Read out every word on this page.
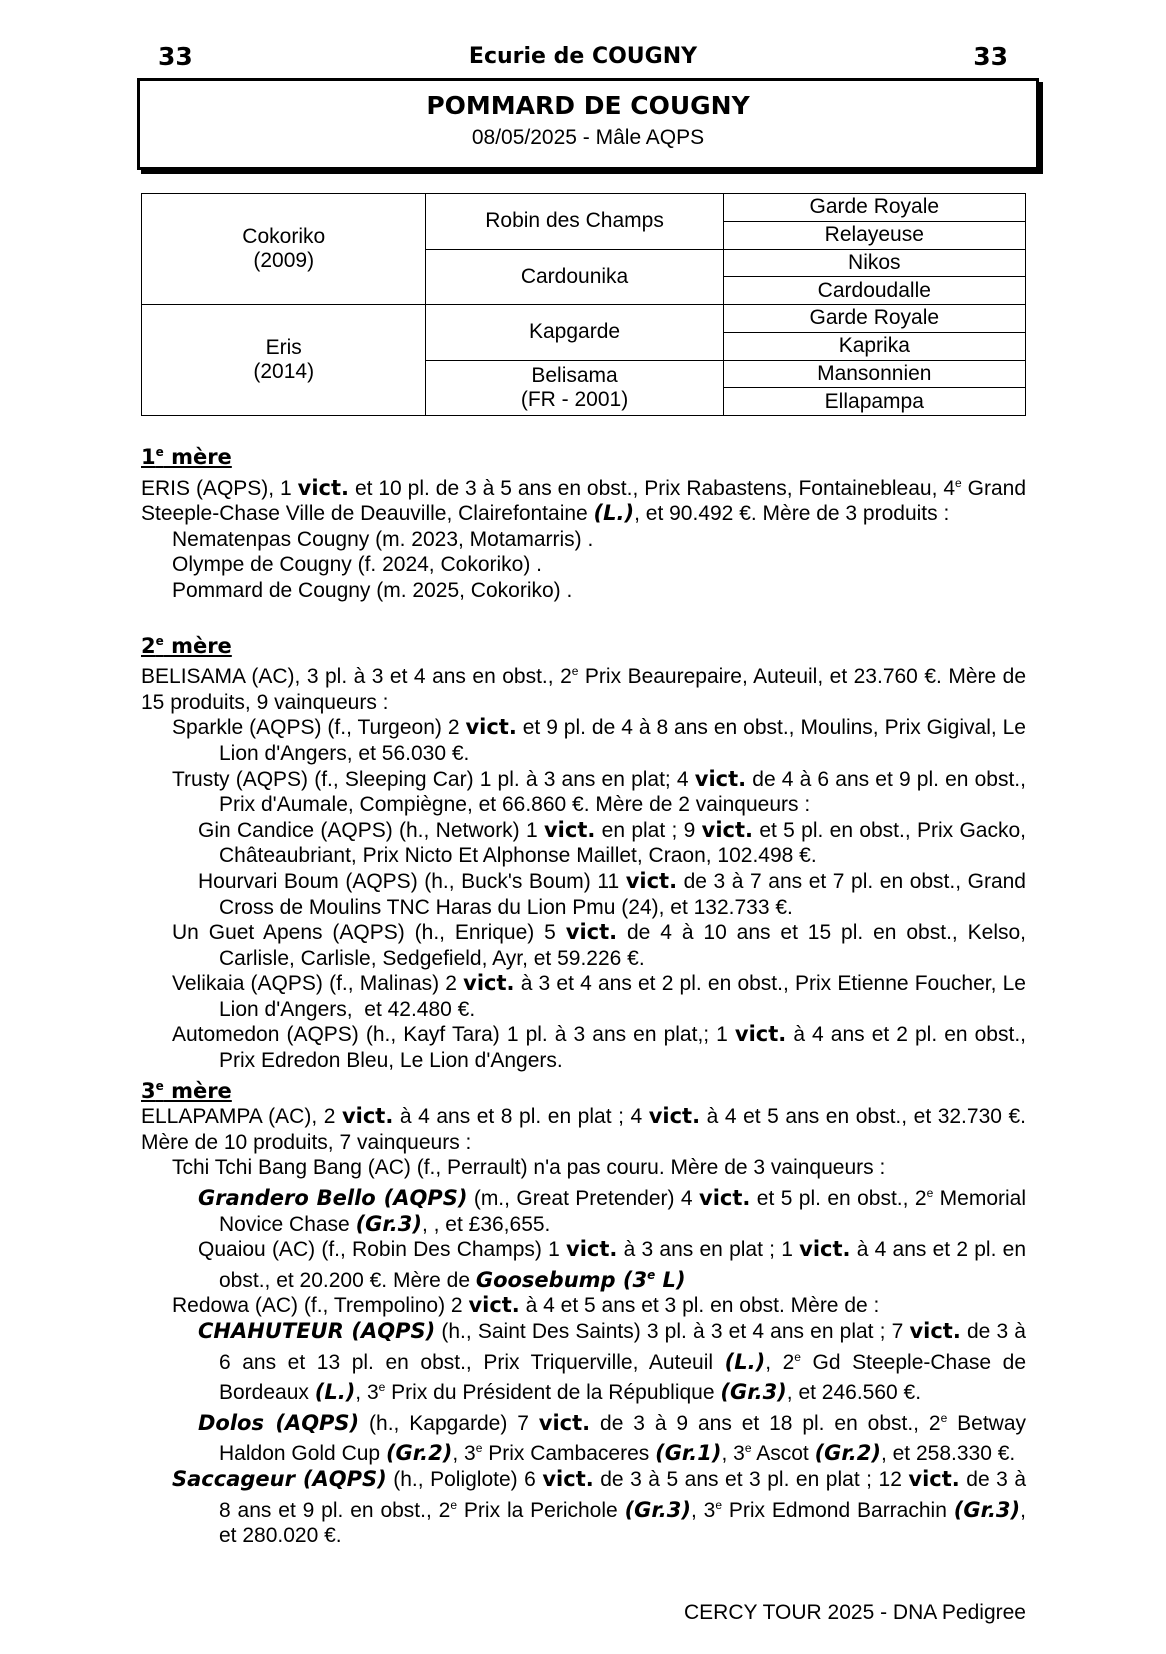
33	Ecurie de COUGNY	33
POMMARD DE COUGNY
08/05/2025 - Mâle AQPS
Cokoriko
(2009)	Robin des Champs	Garde Royale
		Relayeuse
	Cardounika	Nikos
		Cardoudalle
Eris
(2014)	Kapgarde	Garde Royale
		Kaprika
	Belisama
(FR - 2001)	Mansonnien
		Ellapampa

1e mère

ERIS (AQPS), 1 vict. et 10 pl. de 3 à 5 ans en obst., Prix Rabastens, Fontainebleau, 4e Grand Steeple-Chase Ville de Deauville, Clairefontaine (L.), et 90.492 €. Mère de 3 produits :

Nematenpas Cougny (m. 2023, Motamarris) .

Olympe de Cougny (f. 2024, Cokoriko) .

Pommard de Cougny (m. 2025, Cokoriko) .

2e mère

BELISAMA (AC), 3 pl. à 3 et 4 ans en obst., 2e Prix Beaurepaire, Auteuil, et 23.760 €. Mère de 15 produits, 9 vainqueurs :

Sparkle (AQPS) (f., Turgeon) 2 vict. et 9 pl. de 4 à 8 ans en obst., Moulins, Prix Gigival, Le Lion d'Angers, et 56.030 €.

Trusty (AQPS) (f., Sleeping Car) 1 pl. à 3 ans en plat; 4 vict. de 4 à 6 ans et 9 pl. en obst., Prix d'Aumale, Compiègne, et 66.860 €. Mère de 2 vainqueurs :

Gin Candice (AQPS) (h., Network) 1 vict. en plat ; 9 vict. et 5 pl. en obst., Prix Gacko, Châteaubriant, Prix Nicto Et Alphonse Maillet, Craon, 102.498 €.

Hourvari Boum (AQPS) (h., Buck's Boum) 11 vict. de 3 à 7 ans et 7 pl. en obst., Grand Cross de Moulins TNC Haras du Lion Pmu (24), et 132.733 €.

Un Guet Apens (AQPS) (h., Enrique) 5 vict. de 4 à 10 ans et 15 pl. en obst., Kelso, Carlisle, Carlisle, Sedgefield, Ayr, et 59.226 €.

Velikaia (AQPS) (f., Malinas) 2 vict. à 3 et 4 ans et 2 pl. en obst., Prix Etienne Foucher, Le Lion d'Angers,  et 42.480 €.

Automedon (AQPS) (h., Kayf Tara) 1 pl. à 3 ans en plat,; 1 vict. à 4 ans et 2 pl. en obst., Prix Edredon Bleu, Le Lion d'Angers.

3e mère

ELLAPAMPA (AC), 2 vict. à 4 ans et 8 pl. en plat ; 4 vict. à 4 et 5 ans en obst., et 32.730 €. Mère de 10 produits, 7 vainqueurs :

Tchi Tchi Bang Bang (AC) (f., Perrault) n'a pas couru. Mère de 3 vainqueurs :

Grandero Bello (AQPS) (m., Great Pretender) 4 vict. et 5 pl. en obst., 2e Memorial Novice Chase (Gr.3), , et £36,655.

Quaiou (AC) (f., Robin Des Champs) 1 vict. à 3 ans en plat ; 1 vict. à 4 ans et 2 pl. en obst., et 20.200 €. Mère de Goosebump (3e L)

Redowa (AC) (f., Trempolino) 2 vict. à 4 et 5 ans et 3 pl. en obst. Mère de :

CHAHUTEUR (AQPS) (h., Saint Des Saints) 3 pl. à 3 et 4 ans en plat ; 7 vict. de 3 à 6 ans et 13 pl. en obst., Prix Triquerville, Auteuil (L.), 2e Gd Steeple-Chase de Bordeaux (L.), 3e Prix du Président de la République (Gr.3), et 246.560 €.

Dolos (AQPS) (h., Kapgarde) 7 vict. de 3 à 9 ans et 18 pl. en obst., 2e Betway Haldon Gold Cup (Gr.2), 3e Prix Cambaceres (Gr.1), 3e Ascot (Gr.2), et 258.330 €.

Saccageur (AQPS) (h., Poliglote) 6 vict. de 3 à 5 ans et 3 pl. en plat ; 12 vict. de 3 à 8 ans et 9 pl. en obst., 2e Prix la Perichole (Gr.3), 3e Prix Edmond Barrachin (Gr.3), et 280.020 €.

CERCY TOUR 2025 - DNA Pedigree
